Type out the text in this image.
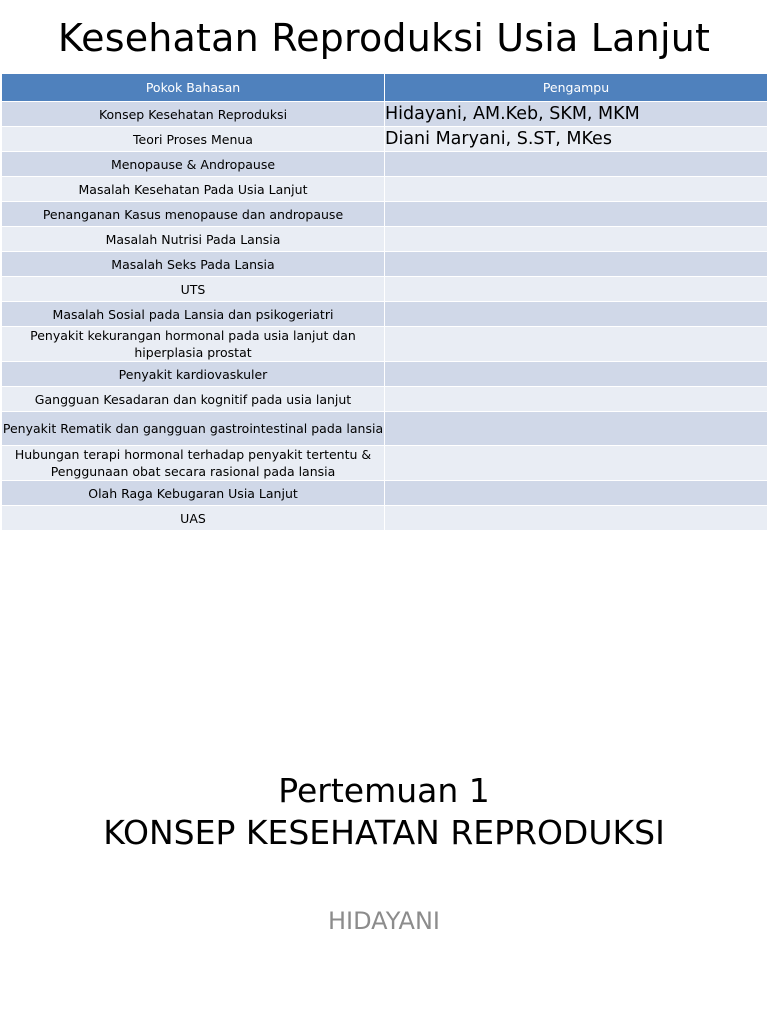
Kesehatan Reproduksi Usia Lanjut
Pokok Bahasan	Pengampu
Konsep Kesehatan Reproduksi	Hidayani, AM.Keb, SKM, MKM
Teori Proses Menua	Diani Maryani, S.ST, MKes
Menopause & Andropause	
Masalah Kesehatan Pada Usia Lanjut	
Penanganan Kasus menopause dan andropause	
Masalah Nutrisi Pada Lansia	
Masalah Seks Pada Lansia	
UTS	
Masalah Sosial pada Lansia dan psikogeriatri	
Penyakit kekurangan hormonal pada usia lanjut dan hiperplasia prostat	
Penyakit kardiovaskuler	
Gangguan Kesadaran dan kognitif pada usia lanjut	
Penyakit Rematik dan gangguan gastrointestinal pada lansia	
Hubungan terapi hormonal terhadap penyakit tertentu & Penggunaan obat secara rasional pada lansia	
Olah Raga Kebugaran Usia Lanjut	
UAS	
Pertemuan 1
KONSEP KESEHATAN REPRODUKSI
HIDAYANI
